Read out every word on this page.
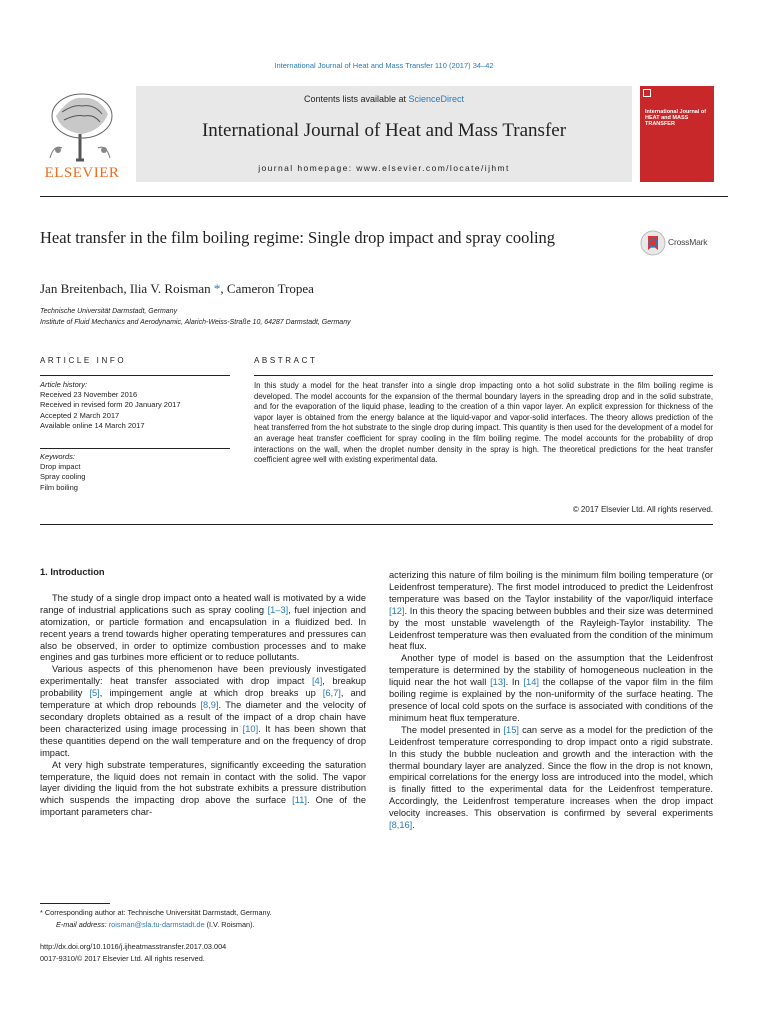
International Journal of Heat and Mass Transfer 110 (2017) 34–42
ELSEVIER
Contents lists available at ScienceDirect
International Journal of Heat and Mass Transfer
journal homepage: www.elsevier.com/locate/ijhmt
International Journal of HEAT and MASS TRANSFER
Heat transfer in the film boiling regime: Single drop impact and spray cooling	CrossMark
Jan Breitenbach, Ilia V. Roisman *, Cameron Tropea
Technische Universität Darmstadt, Germany
Institute of Fluid Mechanics and Aerodynamic, Alarich-Weiss-Straße 10, 64287 Darmstadt, Germany
ARTICLE INFO	ABSTRACT
Article history:
Received 23 November 2016
Received in revised form 20 January 2017
Accepted 2 March 2017
Available online 14 March 2017
Keywords:
Drop impact
Spray cooling
Film boiling
In this study a model for the heat transfer into a single drop impacting onto a hot solid substrate in the film boiling regime is developed. The model accounts for the expansion of the thermal boundary layers in the spreading drop and in the solid substrate, and for the evaporation of the liquid phase, leading to the creation of a thin vapor layer. An explicit expression for thickness of the vapor layer is obtained from the energy balance at the liquid-vapor and vapor-solid interfaces. The theory allows prediction of the heat transferred from the hot substrate to the single drop during impact. This quantity is then used for the development of a model for an average heat transfer coefficient for spray cooling in the film boiling regime. The model accounts for the probability of drop interactions on the wall, when the droplet number density in the spray is high. The theoretical predictions for the heat transfer coefficient agree well with existing experimental data.
© 2017 Elsevier Ltd. All rights reserved.

1. Introduction

The study of a single drop impact onto a heated wall is motivated by a wide range of industrial applications such as spray cooling [1–3], fuel injection and atomization, or particle formation and encapsulation in a fluidized bed. In recent years a trend towards higher operating temperatures and pressures can also be observed, in order to optimize combustion processes and to make engines and gas turbines more efficient or to reduce pollutants.

Various aspects of this phenomenon have been previously investigated experimentally: heat transfer associated with drop impact [4], breakup probability [5], impingement angle at which drop breaks up [6,7], and temperature at which drop rebounds [8,9]. The diameter and the velocity of secondary droplets obtained as a result of the impact of a drop chain have been characterized using image processing in [10]. It has been shown that these quantities depend on the wall temperature and on the frequency of drop impact.

At very high substrate temperatures, significantly exceeding the saturation temperature, the liquid does not remain in contact with the solid. The vapor layer dividing the liquid from the hot substrate exhibits a pressure distribution which suspends the impacting drop above the surface [11]. One of the important parameters char-

acterizing this nature of film boiling is the minimum film boiling temperature (or Leidenfrost temperature). The first model introduced to predict the Leidenfrost temperature was based on the Taylor instability of the vapor/liquid interface [12]. In this theory the spacing between bubbles and their size was determined by the most unstable wavelength of the Rayleigh-Taylor instability. The Leidenfrost temperature was then evaluated from the condition of the minimum heat flux.

Another type of model is based on the assumption that the Leidenfrost temperature is determined by the stability of homogeneous nucleation in the liquid near the hot wall [13]. In [14] the collapse of the vapor film in the film boiling regime is explained by the non-uniformity of the surface heating. The presence of local cold spots on the surface is associated with conditions of the minimum heat flux temperature.

The model presented in [15] can serve as a model for the prediction of the Leidenfrost temperature corresponding to drop impact onto a rigid substrate. In this study the bubble nucleation and growth and the interaction with the thermal boundary layer are analyzed. Since the flow in the drop is not known, empirical correlations for the energy loss are introduced into the model, which is finally fitted to the experimental data for the Leidenfrost temperature. Accordingly, the Leidenfrost temperature increases when the drop impact velocity increases. This observation is confirmed by several experiments [8,16].

* Corresponding author at: Technische Universität Darmstadt, Germany.
E-mail address: roisman@sla.tu-darmstadt.de (I.V. Roisman).
http://dx.doi.org/10.1016/j.ijheatmasstransfer.2017.03.004
0017-9310/© 2017 Elsevier Ltd. All rights reserved.
